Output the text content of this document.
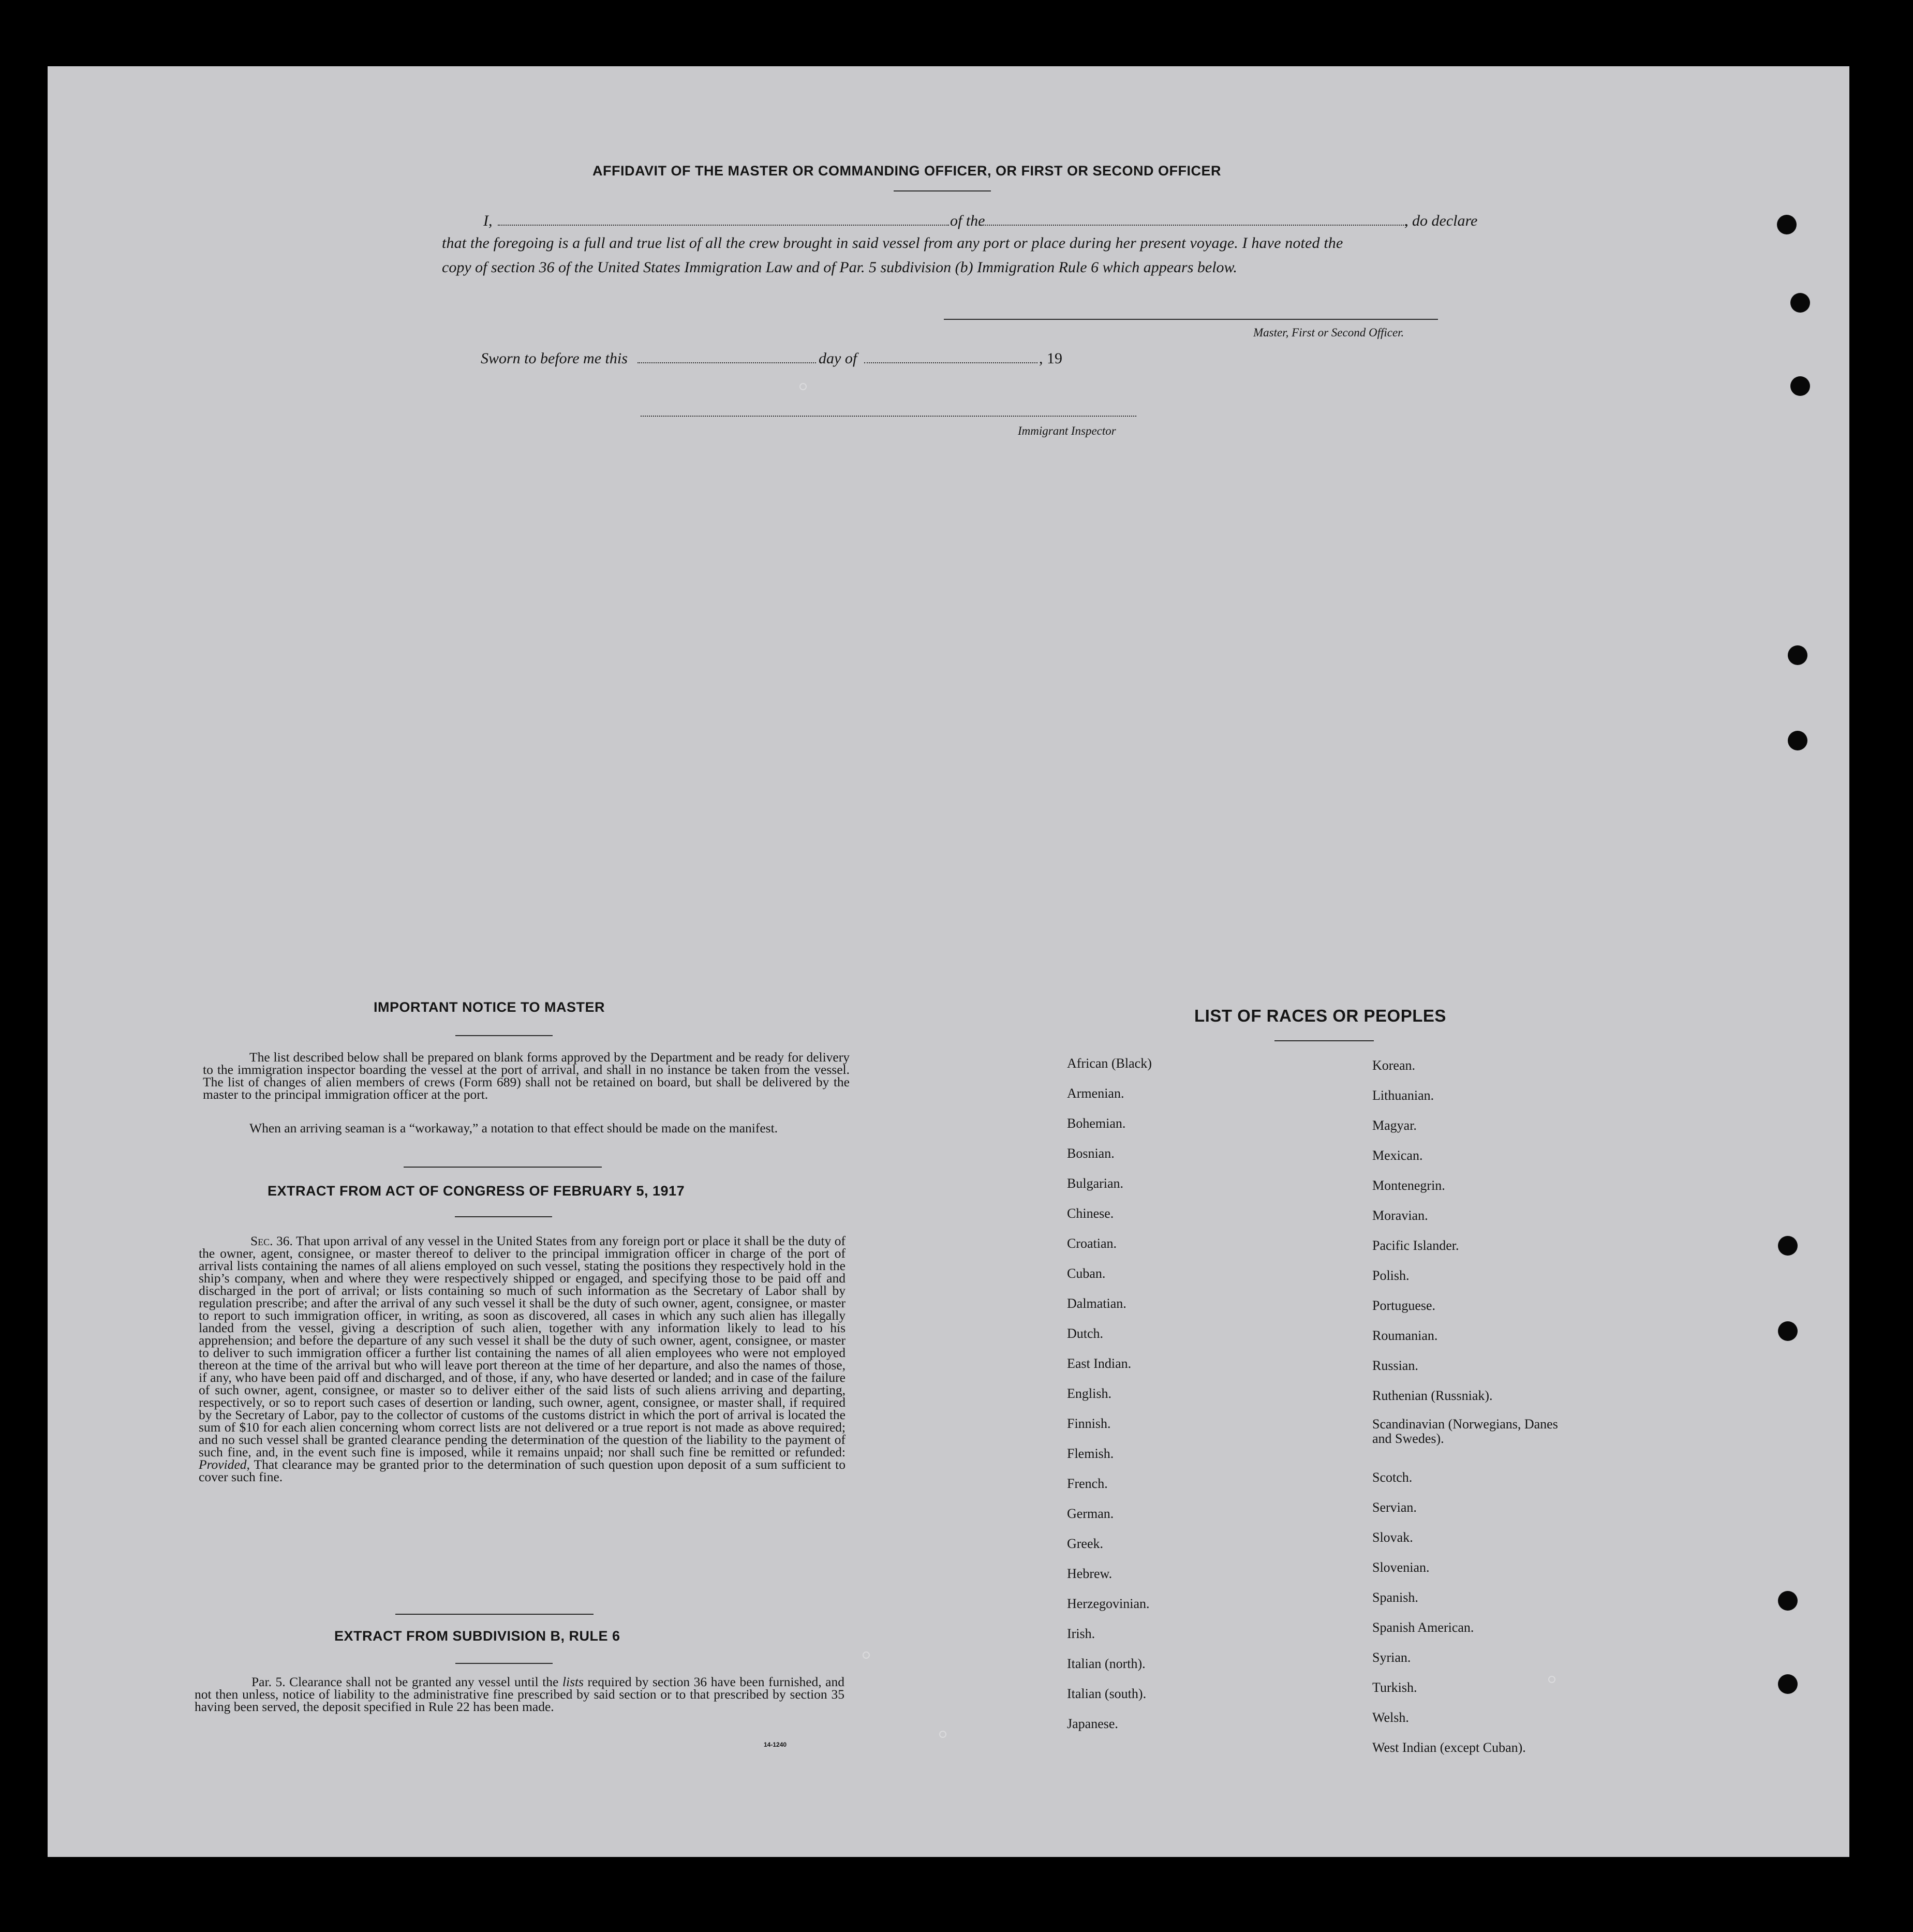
AFFIDAVIT OF THE MASTER OR COMMANDING OFFICER, OR FIRST OR SECOND OFFICER
I,	of the	, do declare
that the foregoing is a full and true list of all the crew brought in said vessel from any port or place during her present voyage. I have noted the
copy of section 36 of the United States Immigration Law and of Par. 5 subdivision (b) Immigration Rule 6 which appears below.
Master, First or Second Officer.
Sworn to before me this	day of	, 19
Immigrant Inspector
IMPORTANT NOTICE TO MASTER

The list described below shall be prepared on blank forms approved by the Department and be ready for delivery to the immigration inspector boarding the vessel at the port of arrival, and shall in no instance be taken from the vessel. The list of changes of alien members of crews (Form 689) shall not be retained on board, but shall be delivered by the master to the principal immigration officer at the port.

When an arriving seaman is a “workaway,” a notation to that effect should be made on the manifest.

EXTRACT FROM ACT OF CONGRESS OF FEBRUARY 5, 1917

Sec. 36. That upon arrival of any vessel in the United States from any foreign port or place it shall be the duty of the owner, agent, consignee, or master thereof to deliver to the principal immigration officer in charge of the port of arrival lists containing the names of all aliens employed on such vessel, stating the positions they respectively hold in the ship’s company, when and where they were respectively shipped or engaged, and specifying those to be paid off and discharged in the port of arrival; or lists containing so much of such information as the Secretary of Labor shall by regulation prescribe; and after the arrival of any such vessel it shall be the duty of such owner, agent, consignee, or master to report to such immigration officer, in writing, as soon as discovered, all cases in which any such alien has illegally landed from the vessel, giving a description of such alien, together with any information likely to lead to his apprehension; and before the departure of any such vessel it shall be the duty of such owner, agent, consignee, or master to deliver to such immigration officer a further list containing the names of all alien employees who were not employed thereon at the time of the arrival but who will leave port thereon at the time of her departure, and also the names of those, if any, who have been paid off and discharged, and of those, if any, who have deserted or landed; and in case of the failure of such owner, agent, consignee, or master so to deliver either of the said lists of such aliens arriving and departing, respectively, or so to report such cases of desertion or landing, such owner, agent, consignee, or master shall, if required by the Secretary of Labor, pay to the collector of customs of the customs district in which the port of arrival is located the sum of $10 for each alien concerning whom correct lists are not delivered or a true report is not made as above required; and no such vessel shall be granted clearance pending the determination of the question of the liability to the payment of such fine, and, in the event such fine is imposed, while it remains unpaid; nor shall such fine be remitted or refunded: Provided, That clearance may be granted prior to the determination of such question upon deposit of a sum sufficient to cover such fine.

EXTRACT FROM SUBDIVISION B, RULE 6

Par. 5. Clearance shall not be granted any vessel until the lists required by section 36 have been furnished, and not then unless, notice of liability to the administrative fine prescribed by said section or to that prescribed by section 35 having been served, the deposit specified in Rule 22 has been made.

14-1240
LIST OF RACES OR PEOPLES
African (Black)
Armenian.
Bohemian.
Bosnian.
Bulgarian.
Chinese.
Croatian.
Cuban.
Dalmatian.
Dutch.
East Indian.
English.
Finnish.
Flemish.
French.
German.
Greek.
Hebrew.
Herzegovinian.
Irish.
Italian (north).
Italian (south).
Japanese.
Korean.
Lithuanian.
Magyar.
Mexican.
Montenegrin.
Moravian.
Pacific Islander.
Polish.
Portuguese.
Roumanian.
Russian.
Ruthenian (Russniak).
Scandinavian (Norwegians, Danes and Swedes).
Scotch.
Servian.
Slovak.
Slovenian.
Spanish.
Spanish American.
Syrian.
Turkish.
Welsh.
West Indian (except Cuban).
